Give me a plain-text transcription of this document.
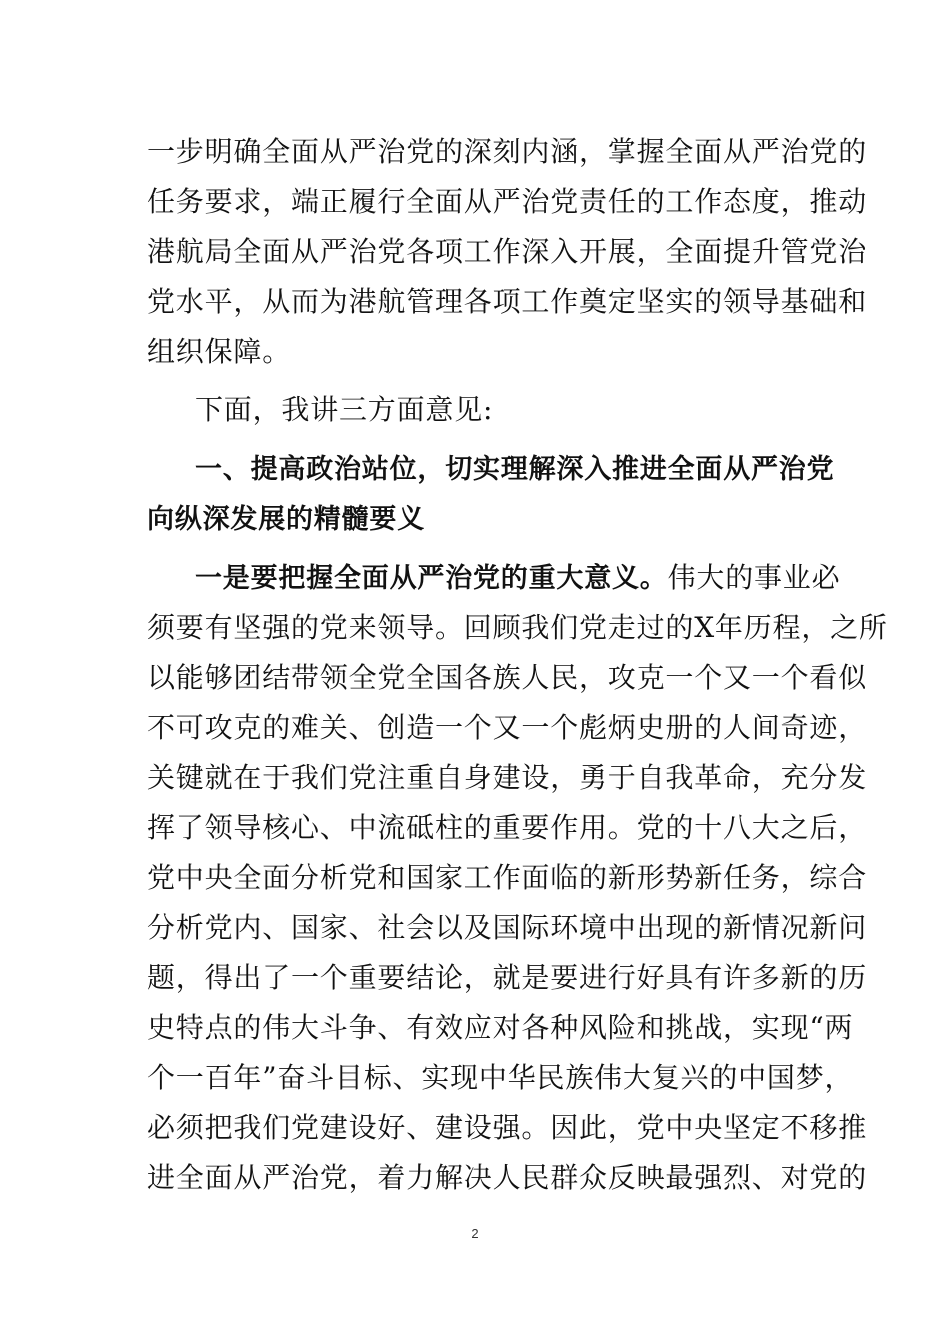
一步明确全面从严治党的深刻内涵，掌握全面从严治党的
任务要求，端正履行全面从严治党责任的工作态度，推动
港航局全面从严治党各项工作深入开展，全面提升管党治
党水平，从而为港航管理各项工作奠定坚实的领导基础和
组织保障。
下面，我讲三方面意见:
一、提高政治站位，切实理解深入推进全面从严治党
向纵深发展的精髓要义
一是要把握全面从严治党的重大意义。伟大的事业必
须要有坚强的党来领导。回顾我们党走过的X年历程，之所
以能够团结带领全党全国各族人民，攻克一个又一个看似
不可攻克的难关、创造一个又一个彪炳史册的人间奇迹，
关键就在于我们党注重自身建设，勇于自我革命，充分发
挥了领导核心、中流砥柱的重要作用。党的十八大之后，
党中央全面分析党和国家工作面临的新形势新任务，综合
分析党内、国家、社会以及国际环境中出现的新情况新问
题，得出了一个重要结论，就是要进行好具有许多新的历
史特点的伟大斗争、有效应对各种风险和挑战，实现“两
个一百年”奋斗目标、实现中华民族伟大复兴的中国梦，
必须把我们党建设好、建设强。因此，党中央坚定不移推
进全面从严治党，着力解决人民群众反映最强烈、对党的
2
